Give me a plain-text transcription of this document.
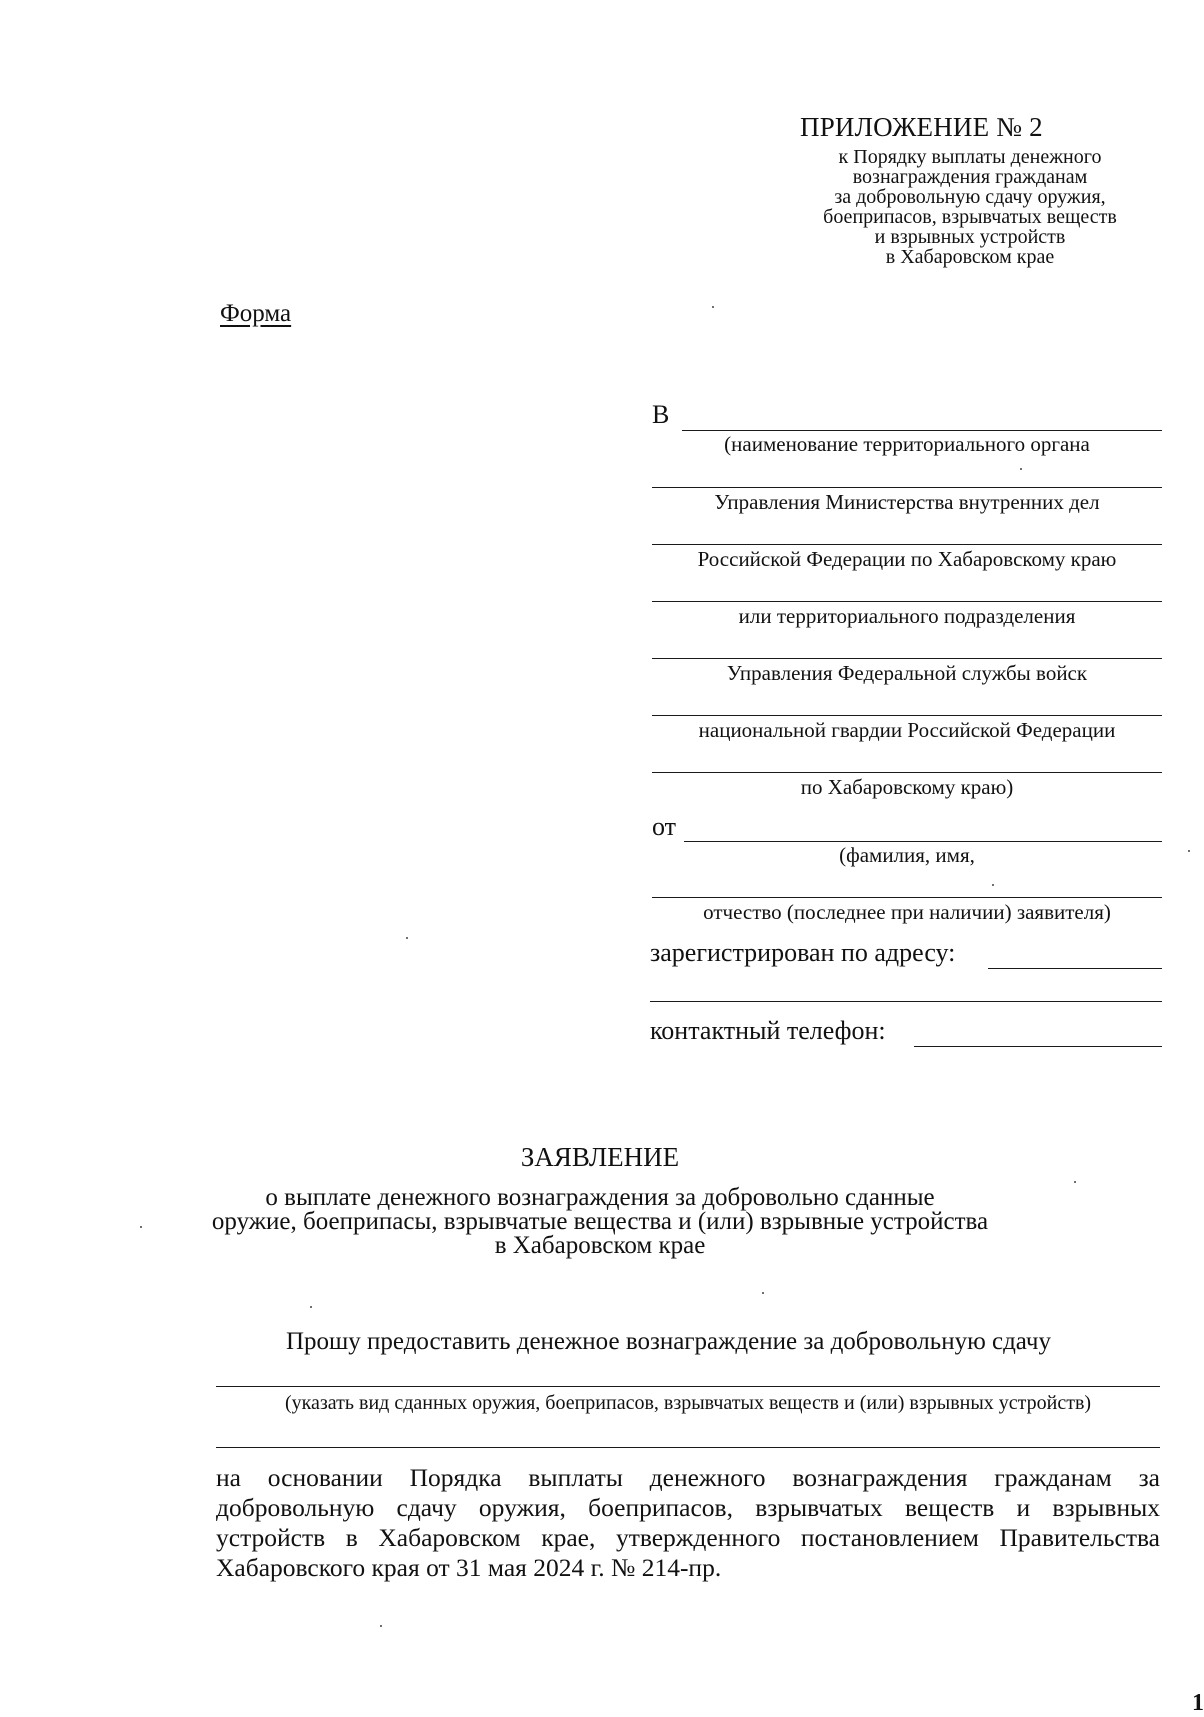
ПРИЛОЖЕНИЕ № 2
к Порядку выплаты денежного
вознаграждения гражданам
за добровольную сдачу оружия,
боеприпасов, взрывчатых веществ
и взрывных устройств
в Хабаровском крае
Форма
В
(наименование территориального органа
Управления Министерства внутренних дел
Российской Федерации по Хабаровскому краю
или территориального подразделения
Управления Федеральной службы войск
национальной гвардии Российской Федерации
по Хабаровскому краю)
от
(фамилия, имя,
отчество (последнее при наличии) заявителя)
зарегистрирован по адресу:
контактный телефон:
ЗАЯВЛЕНИЕ
о выплате денежного вознаграждения за добровольно сданные
оружие, боеприпасы, взрывчатые вещества и (или) взрывные устройства
в Хабаровском крае
Прошу предоставить денежное вознаграждение за добровольную сдачу
(указать вид сданных оружия, боеприпасов, взрывчатых веществ и (или) взрывных устройств)
на основании Порядка выплаты денежного вознаграждения гражданам за добровольную сдачу оружия, боеприпасов, взрывчатых веществ и взрывных устройств в Хабаровском крае, утвержденного постановлением Правительства Хабаровского края от 31 мая 2024 г. № 214-пр.
1
